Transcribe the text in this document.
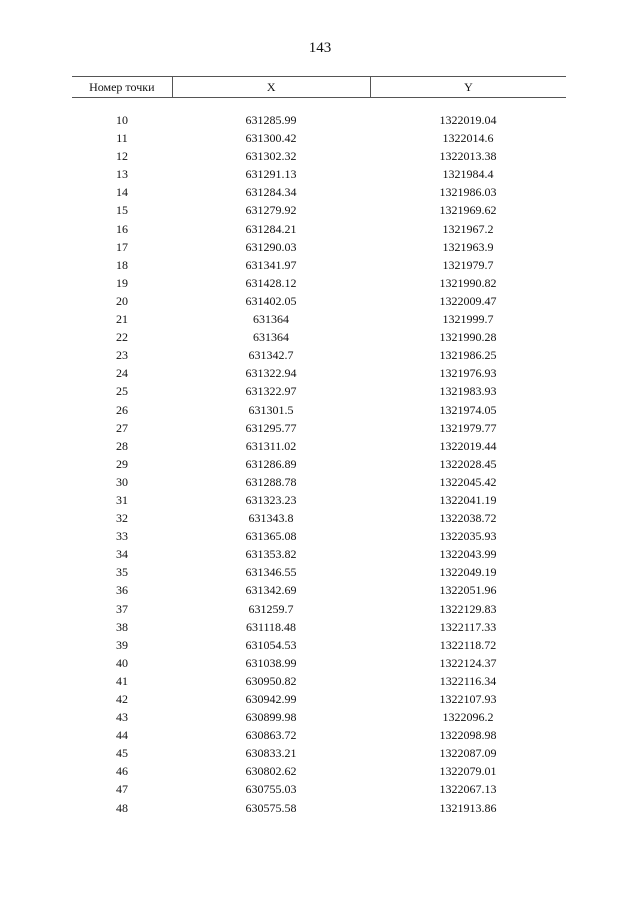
143
Номер точки	X	Y
10	631285.99	1322019.04
11	631300.42	1322014.6
12	631302.32	1322013.38
13	631291.13	1321984.4
14	631284.34	1321986.03
15	631279.92	1321969.62
16	631284.21	1321967.2
17	631290.03	1321963.9
18	631341.97	1321979.7
19	631428.12	1321990.82
20	631402.05	1322009.47
21	631364	1321999.7
22	631364	1321990.28
23	631342.7	1321986.25
24	631322.94	1321976.93
25	631322.97	1321983.93
26	631301.5	1321974.05
27	631295.77	1321979.77
28	631311.02	1322019.44
29	631286.89	1322028.45
30	631288.78	1322045.42
31	631323.23	1322041.19
32	631343.8	1322038.72
33	631365.08	1322035.93
34	631353.82	1322043.99
35	631346.55	1322049.19
36	631342.69	1322051.96
37	631259.7	1322129.83
38	631118.48	1322117.33
39	631054.53	1322118.72
40	631038.99	1322124.37
41	630950.82	1322116.34
42	630942.99	1322107.93
43	630899.98	1322096.2
44	630863.72	1322098.98
45	630833.21	1322087.09
46	630802.62	1322079.01
47	630755.03	1322067.13
48	630575.58	1321913.86
